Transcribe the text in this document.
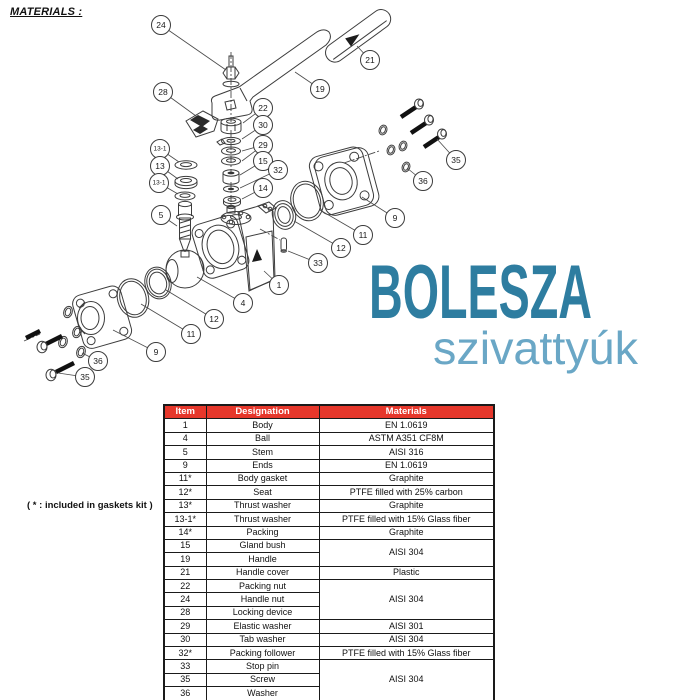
MATERIALS :
24
21
19
28
22
30
29
15
32
14
13-1
13
13-1
5
35
36
9
11
12
33
1
4
12
11
9
36
35
BOLESZA
szivattyúk
( * : included in gaskets kit )
Item	Designation	Materials
1	Body	EN 1.0619
4	Ball	ASTM A351 CF8M
5	Stem	AISI 316
9	Ends	EN 1.0619
11*	Body gasket	Graphite
12*	Seat	PTFE filled with 25% carbon
13*	Thrust washer	Graphite
13-1*	Thrust washer	PTFE filled with 15% Glass fiber
14*	Packing	Graphite
15	Gland bush	AISI 304
19	Handle	
21	Handle cover	Plastic
22	Packing nut	AISI 304
24	Handle nut	
28	Locking device	
29	Elastic washer	AISI 301
30	Tab washer	AISI 304
32*	Packing follower	PTFE filled with 15% Glass fiber
33	Stop pin	AISI 304
35	Screw	
36	Washer	
